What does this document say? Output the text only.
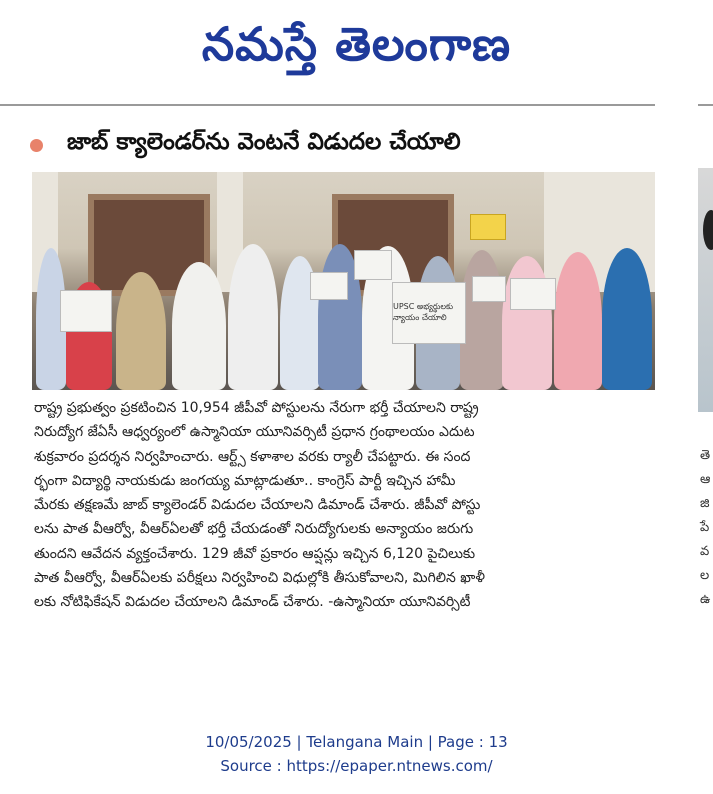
నమస్తే తెలంగాణ
జాబ్ క్యాలెండర్‌ను వెంటనే విడుదల చేయాలి
UPSC అభ్యర్థులకు న్యాయం చేయాలి

రాష్ట్ర ప్రభుత్వం ప్రకటించిన 10,954 జీపీవో పోస్టులను నేరుగా భర్తీ చేయాలని రాష్ట్ర

నిరుద్యోగ జేఏసీ ఆధ్వర్యంలో ఉస్మానియా యూనివర్సిటీ ప్రధాన గ్రంథాలయం ఎదుట

శుక్రవారం ప్రదర్శన నిర్వహించారు. ఆర్ట్స్ కళాశాల వరకు ర్యాలీ చేపట్టారు. ఈ సంద

ర్భంగా విద్యార్థి నాయకుడు జంగయ్య మాట్లాడుతూ.. కాంగ్రెస్ పార్టీ ఇచ్చిన హామీ

మేరకు తక్షణమే జాబ్ క్యాలెండర్ విడుదల చేయాలని డిమాండ్ చేశారు. జీపీవో పోస్టు

లను పాత వీఆర్వో, వీఆర్ఏలతో భర్తీ చేయడంతో నిరుద్యోగులకు అన్యాయం జరుగు

తుందని ఆవేదన వ్యక్తంచేశారు. 129 జీవో ప్రకారం ఆప్షన్లు ఇచ్చిన 6,120 పైచిలుకు

పాత వీఆర్వో, వీఆర్ఏలకు పరీక్షలు నిర్వహించి విధుల్లోకి తీసుకోవాలని, మిగిలిన ఖాళీ

లకు నోటిఫికేషన్ విడుదల చేయాలని డిమాండ్ చేశారు. -ఉస్మానియా యూనివర్సిటీ

తె
ఆ
జి
పే
వ
ల
ఉ
10/05/2025 | Telangana Main | Page : 13
Source : https://epaper.ntnews.com/
